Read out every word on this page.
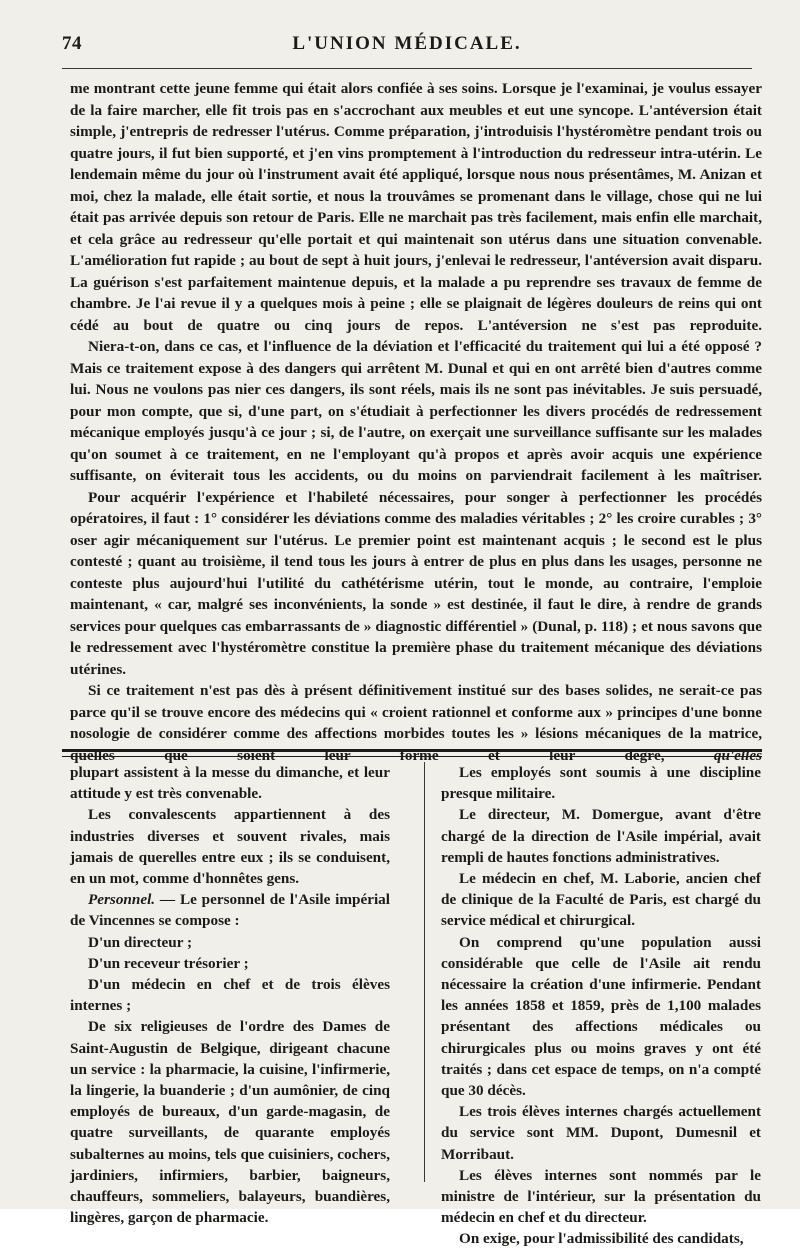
74	L'UNION MÉDICALE.

me montrant cette jeune femme qui était alors confiée à ses soins. Lorsque je l'examinai, je voulus essayer de la faire marcher, elle fit trois pas en s'accrochant aux meubles et eut une syncope. L'antéversion était simple, j'entrepris de redresser l'utérus. Comme préparation, j'introduisis l'hystéromètre pendant trois ou quatre jours, il fut bien supporté, et j'en vins promptement à l'introduction du redresseur intra-utérin. Le lendemain même du jour où l'instrument avait été appliqué, lorsque nous nous présentâmes, M. Anizan et moi, chez la malade, elle était sortie, et nous la trouvâmes se promenant dans le village, chose qui ne lui était pas arrivée depuis son retour de Paris. Elle ne marchait pas très facilement, mais enfin elle marchait, et cela grâce au redresseur qu'elle portait et qui maintenait son utérus dans une situation convenable. L'amélioration fut rapide ; au bout de sept à huit jours, j'enlevai le redresseur, l'antéversion avait disparu. La guérison s'est parfaitement maintenue depuis, et la malade a pu reprendre ses travaux de femme de chambre. Je l'ai revue il y a quelques mois à peine ; elle se plaignait de légères douleurs de reins qui ont cédé au bout de quatre ou cinq jours de repos. L'antéversion ne s'est pas reproduite.

Niera-t-on, dans ce cas, et l'influence de la déviation et l'efficacité du traitement qui lui a été opposé ? Mais ce traitement expose à des dangers qui arrêtent M. Dunal et qui en ont arrêté bien d'autres comme lui. Nous ne voulons pas nier ces dangers, ils sont réels, mais ils ne sont pas inévitables. Je suis persuadé, pour mon compte, que si, d'une part, on s'étudiait à perfectionner les divers procédés de redressement mécanique employés jusqu'à ce jour ; si, de l'autre, on exerçait une surveillance suffisante sur les malades qu'on soumet à ce traitement, en ne l'employant qu'à propos et après avoir acquis une expérience suffisante, on éviterait tous les accidents, ou du moins on parviendrait facilement à les maîtriser.

Pour acquérir l'expérience et l'habileté nécessaires, pour songer à perfectionner les procédés opératoires, il faut : 1° considérer les déviations comme des maladies véritables ; 2° les croire curables ; 3° oser agir mécaniquement sur l'utérus. Le premier point est maintenant acquis ; le second est le plus contesté ; quant au troisième, il tend tous les jours à entrer de plus en plus dans les usages, personne ne conteste plus aujourd'hui l'utilité du cathétérisme utérin, tout le monde, au contraire, l'emploie maintenant, « car, malgré ses inconvénients, la sonde » est destinée, il faut le dire, à rendre de grands services pour quelques cas embarrassants de » diagnostic différentiel » (Dunal, p. 118) ; et nous savons que le redressement avec l'hystéromètre constitue la première phase du traitement mécanique des déviations utérines.

Si ce traitement n'est pas dès à présent définitivement institué sur des bases solides, ne serait-ce pas parce qu'il se trouve encore des médecins qui « croient rationnel et conforme aux » principes d'une bonne nosologie de considérer comme des affections morbides toutes les » lésions mécaniques de la matrice, quelles que soient leur forme et leur degré,	qu'elles

plupart assistent à la messe du dimanche, et leur attitude y est très convenable.

Les convalescents appartiennent à des industries diverses et souvent rivales, mais jamais de querelles entre eux ; ils se conduisent, en un mot, comme d'honnêtes gens.

Personnel. — Le personnel de l'Asile impérial de Vincennes se compose :

D'un directeur ;

D'un receveur trésorier ;

D'un médecin en chef et de trois élèves internes ;

De six religieuses de l'ordre des Dames de Saint-Augustin de Belgique, dirigeant chacune un service : la pharmacie, la cuisine, l'infirmerie, la lingerie, la buanderie ; d'un aumônier, de cinq employés de bureaux, d'un garde-magasin, de quatre surveillants, de quarante employés subalternes au moins, tels que cuisiniers, cochers, jardiniers, infirmiers, barbier, baigneurs, chauffeurs, sommeliers, balayeurs, buandières, lingères, garçon de pharmacie.

Les employés sont soumis à une discipline presque militaire.

Le directeur, M. Domergue, avant d'être chargé de la direction de l'Asile impérial, avait rempli de hautes fonctions administratives.

Le médecin en chef, M. Laborie, ancien chef de clinique de la Faculté de Paris, est chargé du service médical et chirurgical.

On comprend qu'une population aussi considérable que celle de l'Asile ait rendu nécessaire la création d'une infirmerie. Pendant les années 1858 et 1859, près de 1,100 malades présentant des affections médicales ou chirurgicales plus ou moins graves y ont été traités ; dans cet espace de temps, on n'a compté que 30 décès.

Les trois élèves internes chargés actuellement du service sont MM. Dupont, Dumesnil et Morribaut.

Les élèves internes sont nommés par le ministre de l'intérieur, sur la présentation du médecin en chef et du directeur.

On exige, pour l'admissibilité des candidats,
